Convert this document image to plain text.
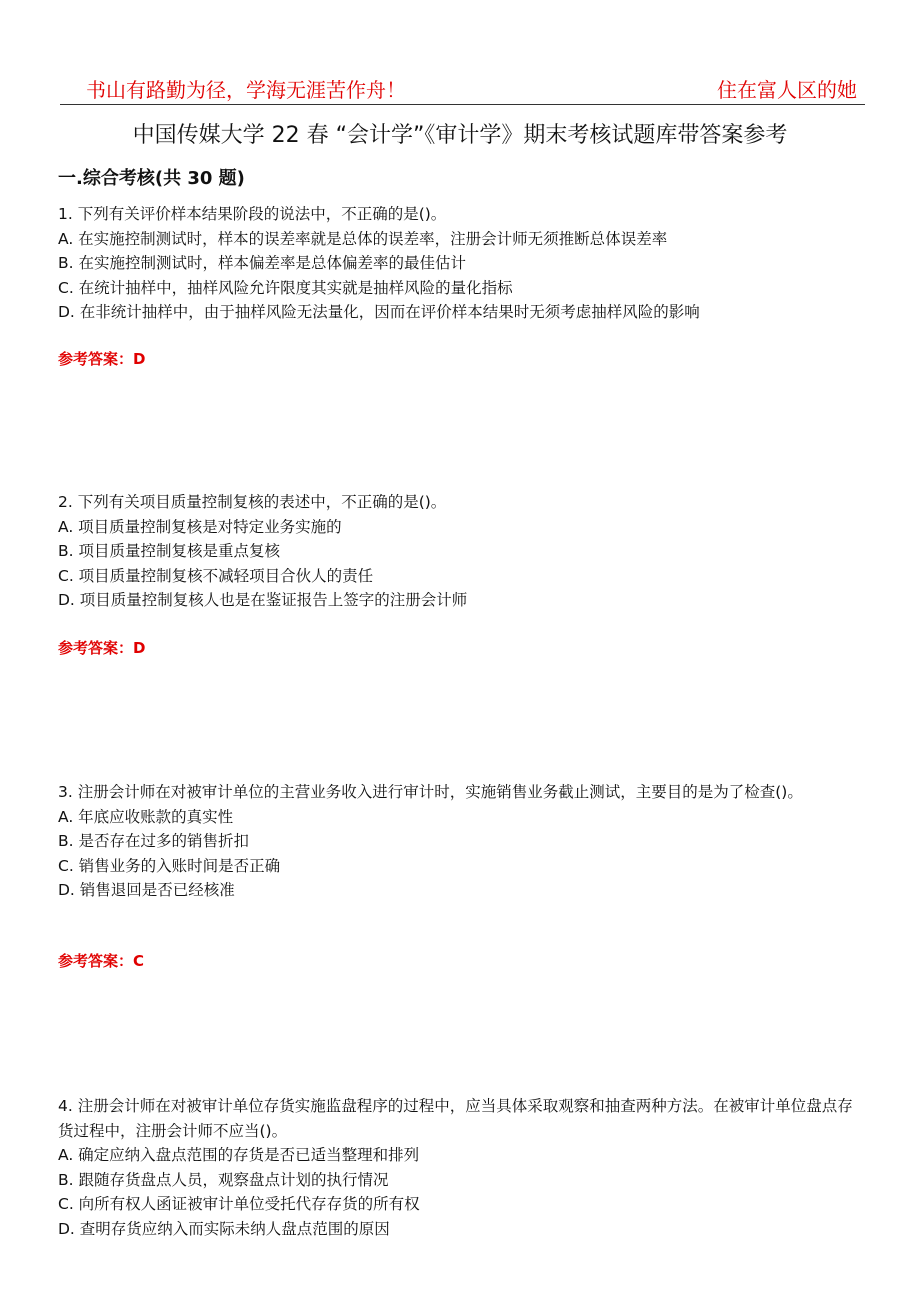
书山有路勤为径，学海无涯苦作舟！	住在富人区的她
中国传媒大学 22 春 “会计学”《审计学》期末考核试题库带答案参考
一.综合考核(共 30 题)
1. 下列有关评价样本结果阶段的说法中，不正确的是()。
A. 在实施控制测试时，样本的误差率就是总体的误差率，注册会计师无须推断总体误差率
B. 在实施控制测试时，样本偏差率是总体偏差率的最佳估计
C. 在统计抽样中，抽样风险允许限度其实就是抽样风险的量化指标
D. 在非统计抽样中，由于抽样风险无法量化，因而在评价样本结果时无须考虑抽样风险的影响
参考答案：D
2. 下列有关项目质量控制复核的表述中，不正确的是()。
A. 项目质量控制复核是对特定业务实施的
B. 项目质量控制复核是重点复核
C. 项目质量控制复核不减轻项目合伙人的责任
D. 项目质量控制复核人也是在鉴证报告上签字的注册会计师
参考答案：D
3. 注册会计师在对被审计单位的主营业务收入进行审计时，实施销售业务截止测试，主要目的是为了检查()。
A. 年底应收账款的真实性
B. 是否存在过多的销售折扣
C. 销售业务的入账时间是否正确
D. 销售退回是否已经核准
参考答案：C
4. 注册会计师在对被审计单位存货实施监盘程序的过程中，应当具体采取观察和抽查两种方法。在被审计单位盘点存货过程中，注册会计师不应当()。
A. 确定应纳入盘点范围的存货是否已适当整理和排列
B. 跟随存货盘点人员，观察盘点计划的执行情况
C. 向所有权人函证被审计单位受托代存存货的所有权
D. 查明存货应纳入而实际未纳人盘点范围的原因
